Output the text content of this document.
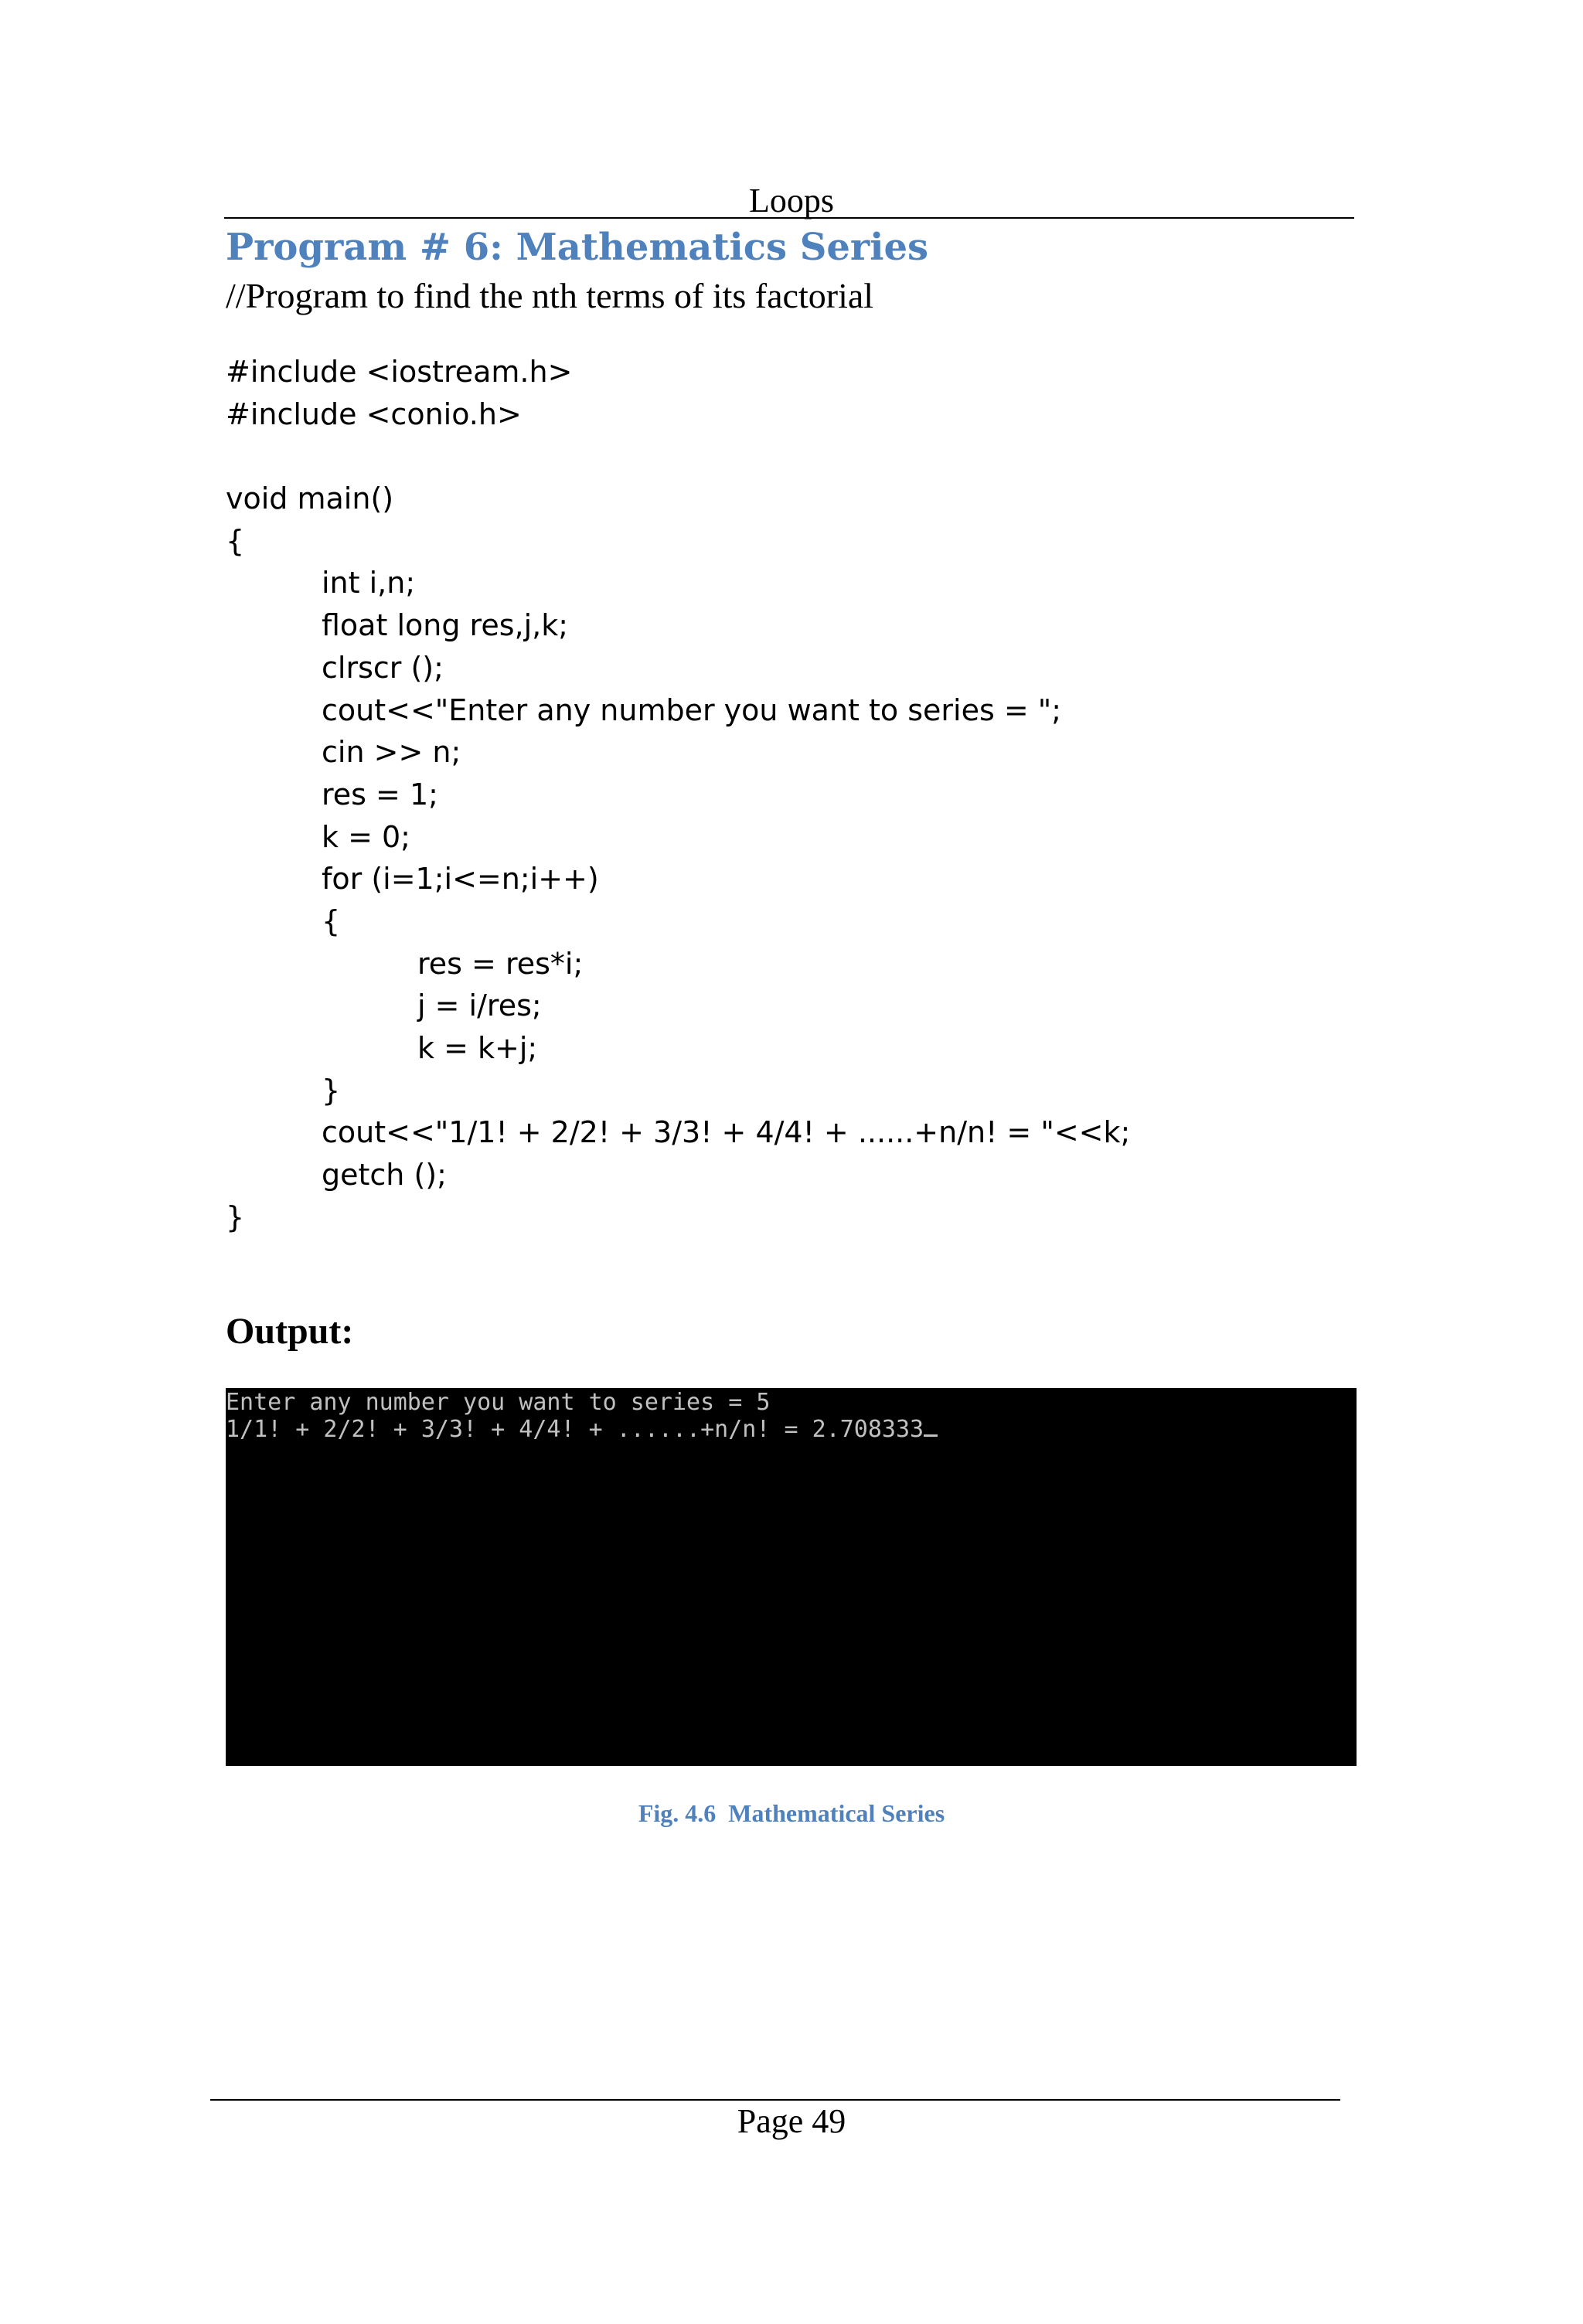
Loops
Program # 6: Mathematics Series
//Program to find the nth terms of its factorial
#include <iostream.h>
#include <conio.h>
void main()
{
int i,n;
float long res,j,k;
clrscr ();
cout<<"Enter any number you want to series = ";
cin >> n;
res = 1;
k = 0;
for (i=1;i<=n;i++)
{
res = res*i;
j = i/res;
k = k+j;
}
cout<<"1/1! + 2/2! + 3/3! + 4/4! + ......+n/n! = "<<k;
getch ();
}
Output:
Enter any number you want to series = 5
1/1! + 2/2! + 3/3! + 4/4! + ......+n/n! = 2.708333
Fig. 4.6  Mathematical Series
Page 49
